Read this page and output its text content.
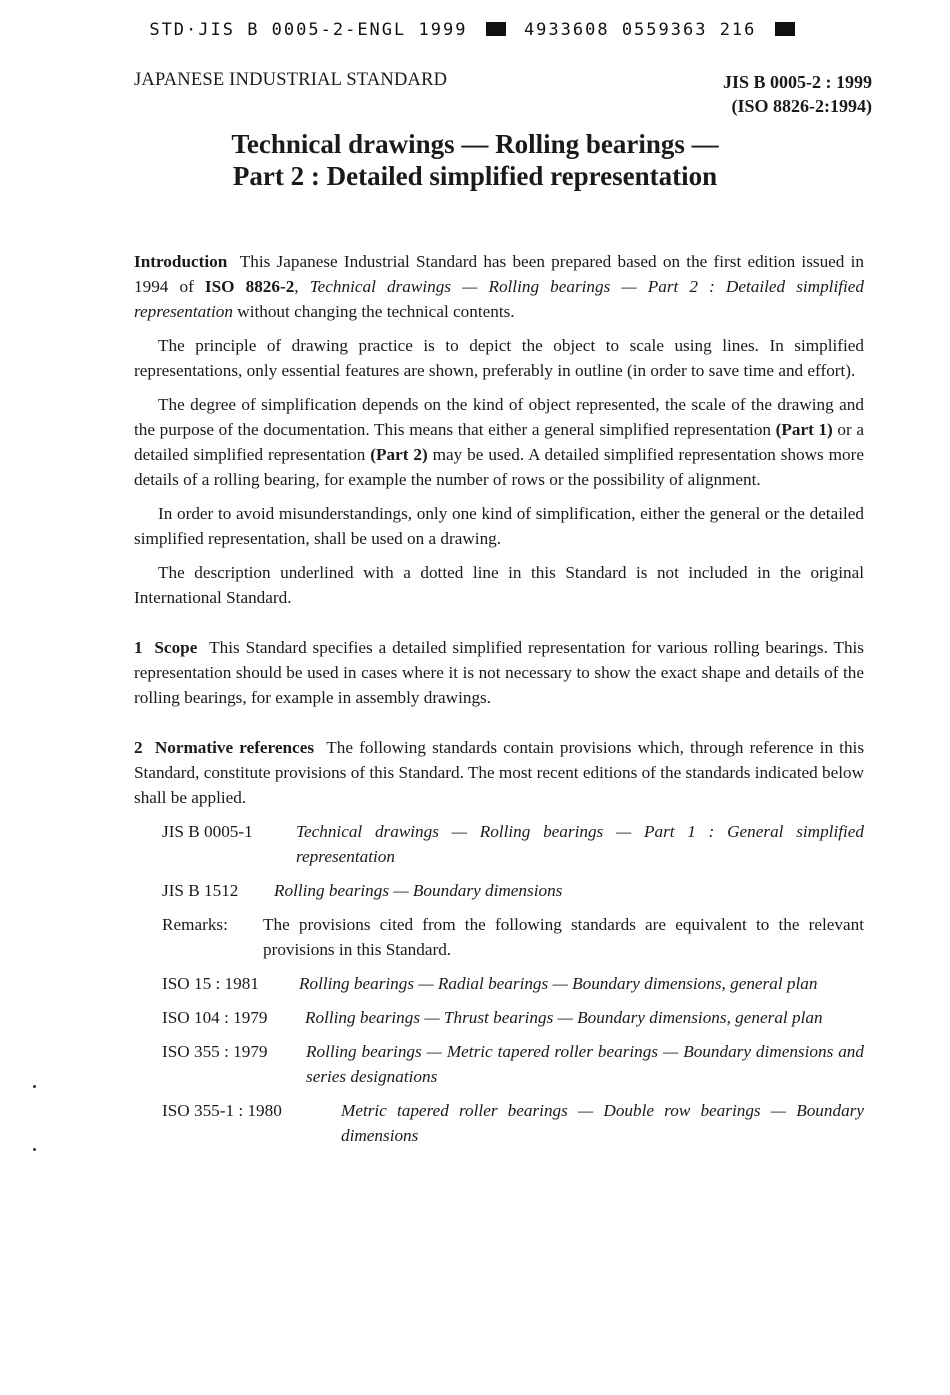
STD·JIS B 0005-2-ENGL 1999	4933608 0559363 216
JAPANESE INDUSTRIAL STANDARD	JIS B 0005-2 : 1999
(ISO 8826-2:1994)
Technical drawings — Rolling bearings —
Part 2 : Detailed simplified representation

Introduction This Japanese Industrial Standard has been prepared based on the first edition issued in 1994 of ISO 8826-2, Technical drawings — Rolling bearings — Part 2 : Detailed simplified representation without changing the technical contents.

The principle of drawing practice is to depict the object to scale using lines. In simplified representations, only essential features are shown, preferably in outline (in order to save time and effort).

The degree of simplification depends on the kind of object represented, the scale of the drawing and the purpose of the documentation. This means that either a general simplified representation (Part 1) or a detailed simplified representation (Part 2) may be used. A detailed simplified representation shows more details of a rolling bearing, for example the number of rows or the possibility of alignment.

In order to avoid misunderstandings, only one kind of simplification, either the general or the detailed simplified representation, shall be used on a drawing.

The description underlined with a dotted line in this Standard is not included in the original International Standard.

1 Scope This Standard specifies a detailed simplified representation for various rolling bearings. This representation should be used in cases where it is not necessary to show the exact shape and details of the rolling bearings, for example in assembly drawings.

2 Normative references The following standards contain provisions which, through reference in this Standard, constitute provisions of this Standard. The most recent editions of the standards indicated below shall be applied.

JIS B 0005-1	Technical drawings — Rolling bearings — Part 1 : General simplified representation
JIS B 1512	Rolling bearings — Boundary dimensions
Remarks:	The provisions cited from the following standards are equivalent to the relevant provisions in this Standard.
ISO 15 : 1981	Rolling bearings — Radial bearings — Boundary dimensions, general plan
ISO 104 : 1979	Rolling bearings — Thrust bearings — Boundary dimensions, general plan
ISO 355 : 1979	Rolling bearings — Metric tapered roller bearings — Boundary dimensions and series designations
ISO 355-1 : 1980	Metric tapered roller bearings — Double row bearings — Boundary dimensions
